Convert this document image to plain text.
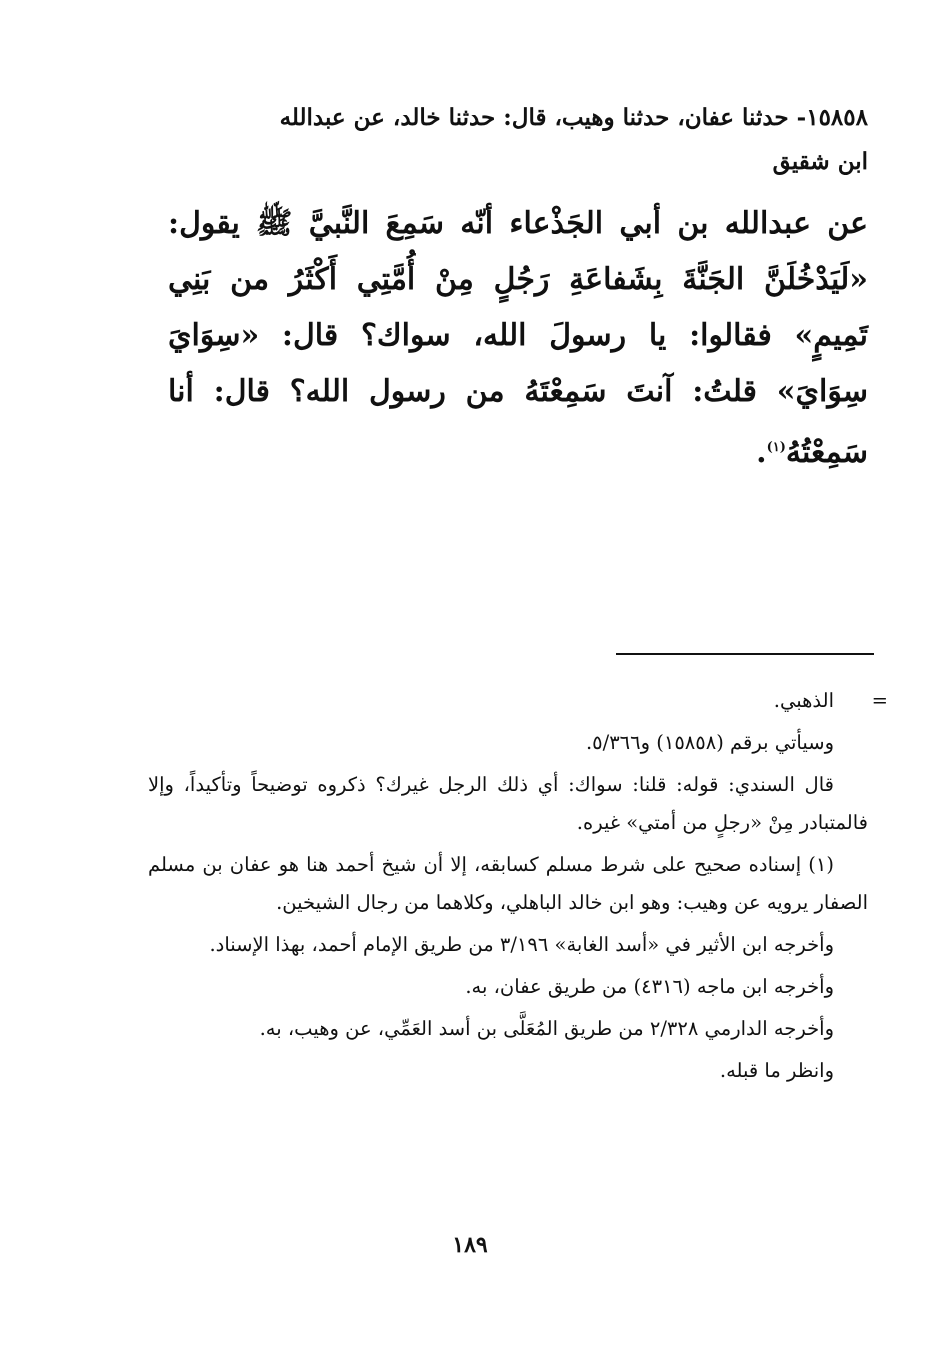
١٥٨٥٨- حدثنا عفان، حدثنا وهيب، قال: حدثنا خالد، عن عبدالله
ابن شقيق
عن عبدالله بن أبي الجَذْعاء أنّه سَمِعَ النَّبيَّ ﷺ يقول: «لَيَدْخُلَنَّ الجَنَّةَ بِشَفاعَةِ رَجُلٍ مِنْ أُمَّتِي أَكْثَرُ من بَنِي تَمِيمٍ» فقالوا: يا رسولَ الله، سواك؟ قال: «سِوَايَ سِوَايَ» قلتُ: آنتَ سَمِعْتَهُ من رسول الله؟ قال: أنا سَمِعْتُهُ$^{(١)}$.
=

الذهبي.

وسيأتي برقم (١٥٨٥٨) و٥/٣٦٦.

قال السندي: قوله: قلنا: سواك: أي ذلك الرجل غيرك؟ ذكروه توضيحاً وتأكيداً، وإلا فالمتبادر مِنْ «رجلٍ من أمتي» غيره.

(١) إسناده صحيح على شرط مسلم كسابقه، إلا أن شيخ أحمد هنا هو عفان بن مسلم الصفار يرويه عن وهيب: وهو ابن خالد الباهلي، وكلاهما من رجال الشيخين.

وأخرجه ابن الأثير في «أسد الغابة» ٣/١٩٦ من طريق الإمام أحمد، بهذا الإسناد.

وأخرجه ابن ماجه (٤٣١٦) من طريق عفان، به.

وأخرجه الدارمي ٢/٣٢٨ من طريق المُعَلَّى بن أسد العَمِّي، عن وهيب، به.

وانظر ما قبله.

١٨٩
